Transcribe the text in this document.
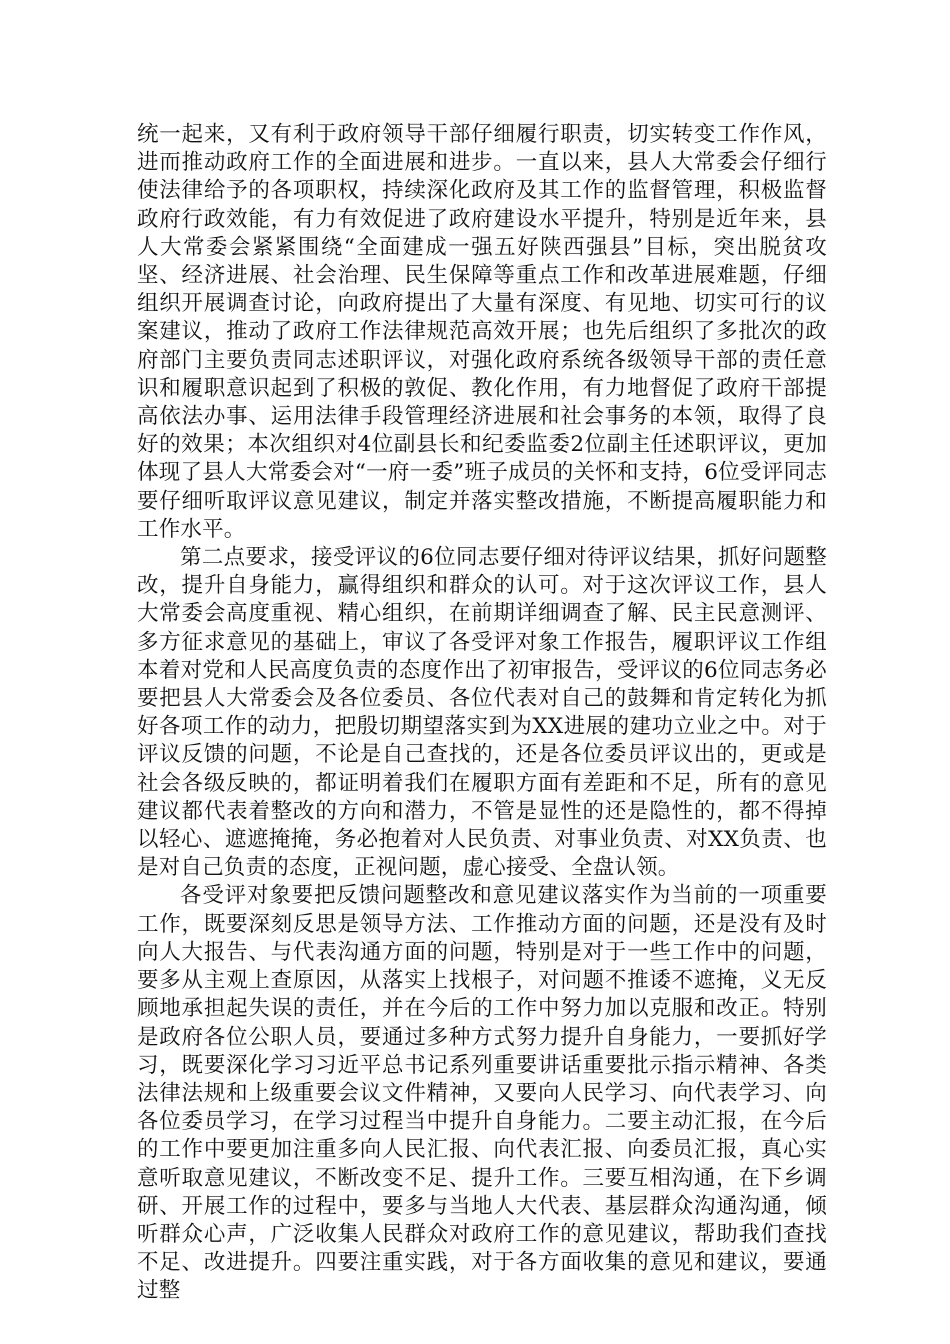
统一起来，又有利于政府领导干部仔细履行职责，切实转变工作作风，进而推动政府工作的全面进展和进步。一直以来，县人大常委会仔细行使法律给予的各项职权，持续深化政府及其工作的监督管理，积极监督政府行政效能，有力有效促进了政府建设水平提升，特别是近年来，县人大常委会紧紧围绕“全面建成一强五好陕西强县”目标，突出脱贫攻坚、经济进展、社会治理、民生保障等重点工作和改革进展难题，仔细组织开展调查讨论，向政府提出了大量有深度、有见地、切实可行的议案建议，推动了政府工作法律规范高效开展；也先后组织了多批次的政府部门主要负责同志述职评议，对强化政府系统各级领导干部的责任意识和履职意识起到了积极的敦促、教化作用，有力地督促了政府干部提高依法办事、运用法律手段管理经济进展和社会事务的本领，取得了良好的效果；本次组织对4位副县长和纪委监委2位副主任述职评议，更加体现了县人大常委会对“一府一委”班子成员的关怀和支持，6位受评同志要仔细听取评议意见建议，制定并落实整改措施，不断提高履职能力和工作水平。

第二点要求，接受评议的6位同志要仔细对待评议结果，抓好问题整改，提升自身能力，赢得组织和群众的认可。对于这次评议工作，县人大常委会高度重视、精心组织，在前期详细调查了解、民主民意测评、多方征求意见的基础上，审议了各受评对象工作报告，履职评议工作组本着对党和人民高度负责的态度作出了初审报告，受评议的6位同志务必要把县人大常委会及各位委员、各位代表对自己的鼓舞和肯定转化为抓好各项工作的动力，把殷切期望落实到为XX进展的建功立业之中。对于评议反馈的问题，不论是自己查找的，还是各位委员评议出的，更或是社会各级反映的，都证明着我们在履职方面有差距和不足，所有的意见建议都代表着整改的方向和潜力，不管是显性的还是隐性的，都不得掉以轻心、遮遮掩掩，务必抱着对人民负责、对事业负责、对XX负责、也是对自己负责的态度，正视问题，虚心接受、全盘认领。

各受评对象要把反馈问题整改和意见建议落实作为当前的一项重要工作，既要深刻反思是领导方法、工作推动方面的问题，还是没有及时向人大报告、与代表沟通方面的问题，特别是对于一些工作中的问题，要多从主观上查原因，从落实上找根子，对问题不推诿不遮掩，义无反顾地承担起失误的责任，并在今后的工作中努力加以克服和改正。特别是政府各位公职人员，要通过多种方式努力提升自身能力，一要抓好学习，既要深化学习习近平总书记系列重要讲话重要批示指示精神、各类法律法规和上级重要会议文件精神，又要向人民学习、向代表学习、向各位委员学习，在学习过程当中提升自身能力。二要主动汇报，在今后的工作中要更加注重多向人民汇报、向代表汇报、向委员汇报，真心实意听取意见建议，不断改变不足、提升工作。三要互相沟通，在下乡调研、开展工作的过程中，要多与当地人大代表、基层群众沟通沟通，倾听群众心声，广泛收集人民群众对政府工作的意见建议，帮助我们查找不足、改进提升。四要注重实践，对于各方面收集的意见和建议，要通过整
